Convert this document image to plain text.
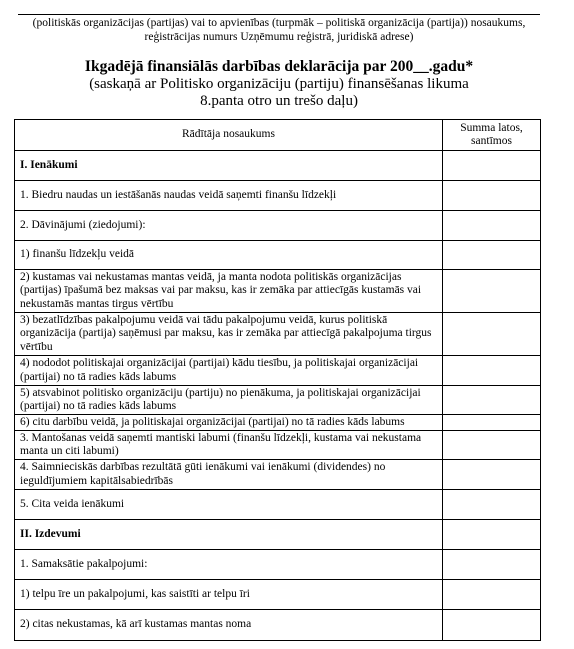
(politiskās organizācijas (partijas) vai to apvienības (turpmāk – politiskā organizācija (partija)) nosaukums, reģistrācijas numurs Uzņēmumu reģistrā, juridiskā adrese)
Ikgadējā finansiālās darbības deklarācija par 200__.gadu*
(saskaņā ar Politisko organizāciju (partiju) finansēšanas likuma
8.panta otro un trešo daļu)
Rādītāja nosaukums	Summa latos, santīmos
I. Ienākumi	
1. Biedru naudas un iestāšanās naudas veidā saņemti finanšu līdzekļi	
2. Dāvinājumi (ziedojumi):	
1) finanšu līdzekļu veidā	
2) kustamas vai nekustamas mantas veidā, ja manta nodota politiskās organizācijas (partijas) īpašumā bez maksas vai par maksu, kas ir zemāka par attiecīgās kustamās vai nekustamās mantas tirgus vērtību	
3) bezatlīdzības pakalpojumu veidā vai tādu pakalpojumu veidā, kurus politiskā organizācija (partija) saņēmusi par maksu, kas ir zemāka par attiecīgā pakalpojuma tirgus vērtību	
4) nododot politiskajai organizācijai (partijai) kādu tiesību, ja politiskajai organizācijai (partijai) no tā radies kāds labums	
5) atsvabinot politisko organizāciju (partiju) no pienākuma, ja politiskajai organizācijai (partijai) no tā radies kāds labums	
6) citu darbību veidā, ja politiskajai organizācijai (partijai) no tā radies kāds labums	
3. Mantošanas veidā saņemti mantiski labumi (finanšu līdzekļi, kustama vai nekustama manta un citi labumi)	
4. Saimnieciskās darbības rezultātā gūti ienākumi vai ienākumi (dividendes) no ieguldījumiem kapitālsabiedrībās	
5. Cita veida ienākumi	
II. Izdevumi	
1. Samaksātie pakalpojumi:	
1) telpu īre un pakalpojumi, kas saistīti ar telpu īri	
2) citas nekustamas, kā arī kustamas mantas noma	
